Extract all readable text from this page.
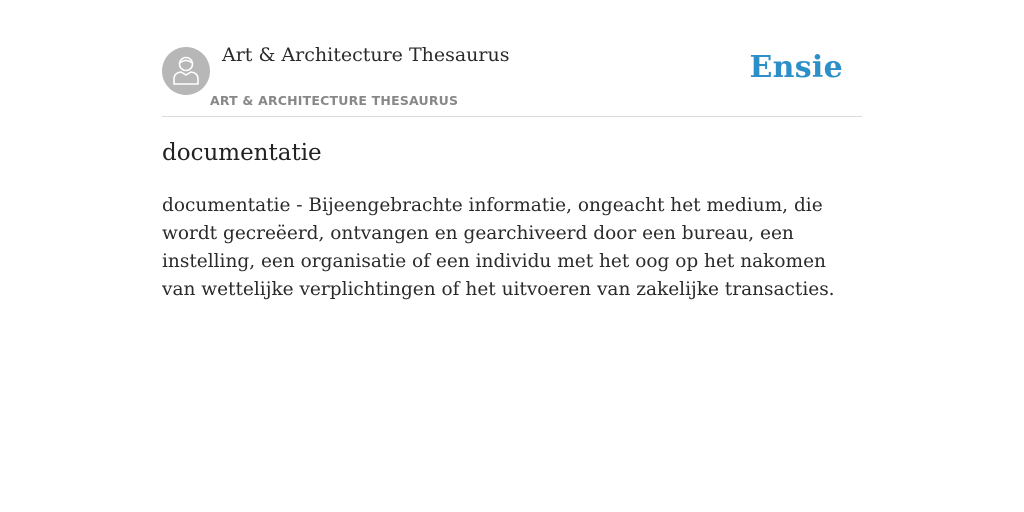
Art & Architecture Thesaurus
ART & ARCHITECTURE THESAURUS
Ensie
documentatie

documentatie - Bijeengebrachte informatie, ongeacht het medium, die wordt gecreëerd, ontvangen en gearchiveerd door een bureau, een instelling, een organisatie of een individu met het oog op het nakomen van wettelijke verplichtingen of het uitvoeren van zakelijke transacties.
